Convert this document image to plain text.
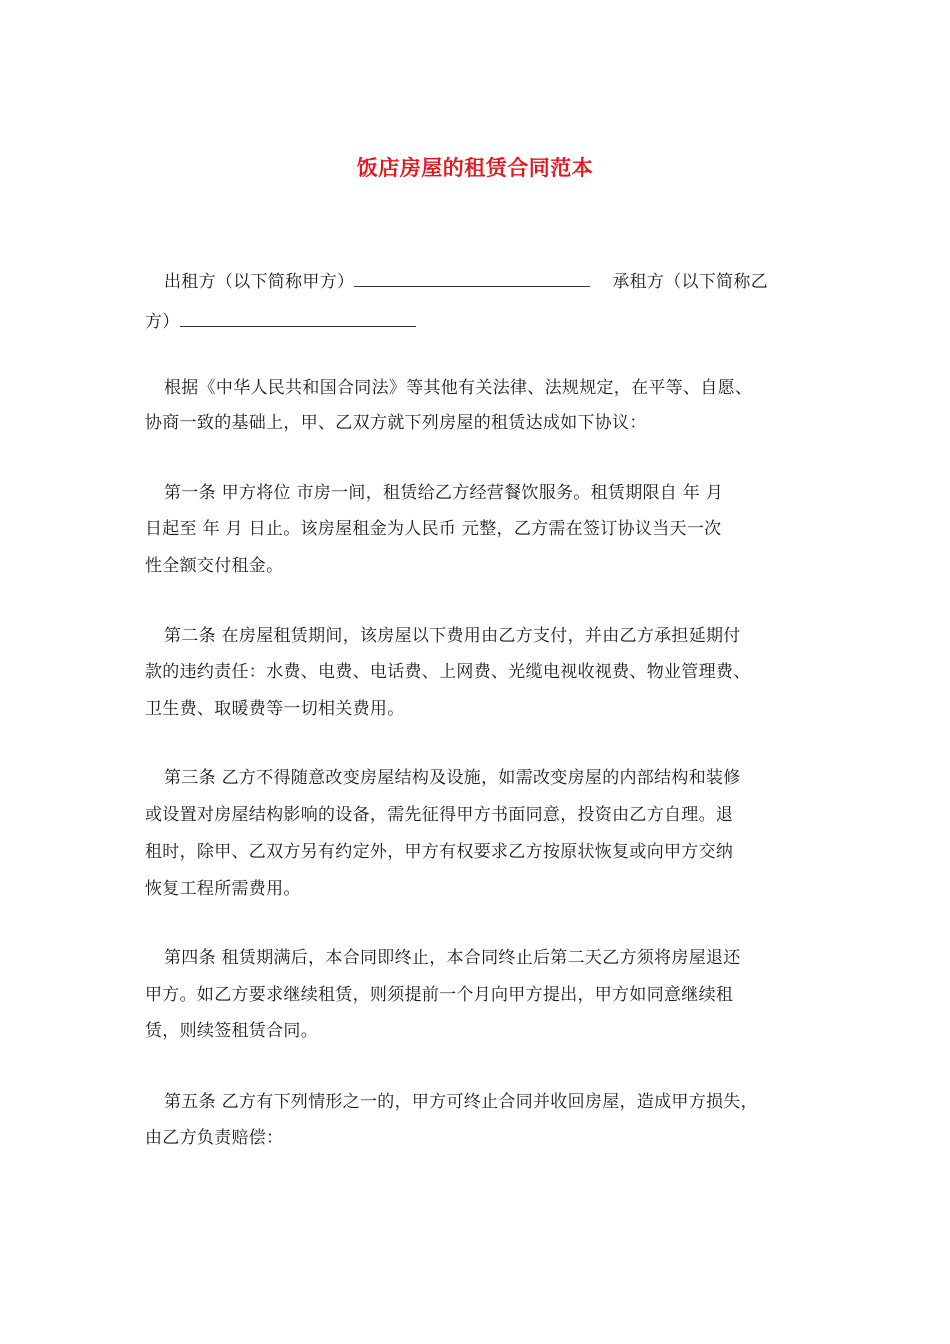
饭店房屋的租赁合同范本
出租方（以下简称甲方）	承租方（以下简称乙
方）
根据《中华人民共和国合同法》等其他有关法律、法规规定，在平等、自愿、
协商一致的基础上，甲、乙双方就下列房屋的租赁达成如下协议：
第一条 甲方将位 市房一间，租赁给乙方经营餐饮服务。租赁期限自 年 月
日起至 年 月 日止。该房屋租金为人民币 元整，乙方需在签订协议当天一次
性全额交付租金。
第二条 在房屋租赁期间，该房屋以下费用由乙方支付，并由乙方承担延期付
款的违约责任：水费、电费、电话费、上网费、光缆电视收视费、物业管理费、
卫生费、取暖费等一切相关费用。
第三条 乙方不得随意改变房屋结构及设施，如需改变房屋的内部结构和装修
或设置对房屋结构影响的设备，需先征得甲方书面同意，投资由乙方自理。退
租时，除甲、乙双方另有约定外，甲方有权要求乙方按原状恢复或向甲方交纳
恢复工程所需费用。
第四条 租赁期满后，本合同即终止，本合同终止后第二天乙方须将房屋退还
甲方。如乙方要求继续租赁，则须提前一个月向甲方提出，甲方如同意继续租
赁，则续签租赁合同。
第五条 乙方有下列情形之一的，甲方可终止合同并收回房屋，造成甲方损失，
由乙方负责赔偿：
